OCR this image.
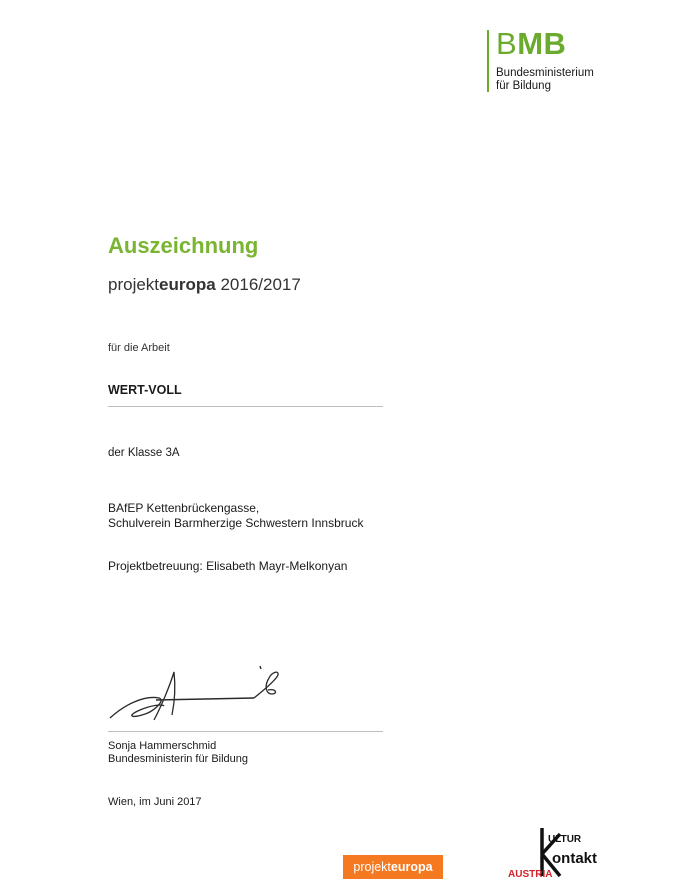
BMB
Bundesministerium
für Bildung
Auszeichnung
projekteuropa 2016/2017
für die Arbeit
WERT-VOLL
der Klasse 3A
BAfEP Kettenbrückengasse,
Schulverein Barmherzige Schwestern Innsbruck
Projektbetreuung: Elisabeth Mayr-Melkonyan
Sonja Hammerschmid
Bundesministerin für Bildung
Wien, im Juni 2017
projekteuropa
ULTUR
ontakt
AUSTRIA
